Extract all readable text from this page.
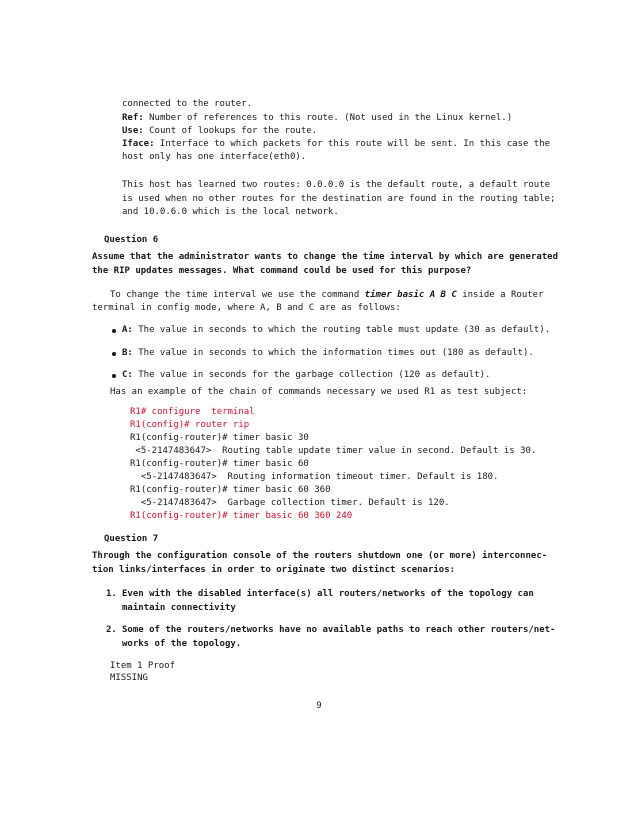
connected to the router.
Ref: Number of references to this route. (Not used in the Linux kernel.)
Use: Count of lookups for the route.
Iface: Interface to which packets for this route will be sent. In this case the
host only has one interface(eth0).
This host has learned two routes: 0.0.0.0 is the default route, a default route
is used when no other routes for the destination are found in the routing table;
and 10.0.6.0 which is the local network.
Question 6
Assume that the administrator wants to change the time interval by which are generated
the RIP updates messages. What command could be used for this purpose?
To change the time interval we use the command timer basic A B C inside a Router
terminal in config mode, where A, B and C are as follows:
A: The value in seconds to which the routing table must update (30 as default).
B: The value in seconds to which the information times out (180 as default).
C: The value in seconds for the garbage collection (120 as default).
Has an example of the chain of commands necessary we used R1 as test subject:
R1# configure  terminal
R1(config)# router rip
R1(config-router)# timer basic 30
<5-2147483647>  Routing table update timer value in second. Default is 30.
R1(config-router)# timer basic 60
<5-2147483647>  Routing information timeout timer. Default is 180.
R1(config-router)# timer basic 60 360
<5-2147483647>  Garbage collection timer. Default is 120.
R1(config-router)# timer basic 60 360 240
Question 7
Through the configuration console of the routers shutdown one (or more) interconnec-
tion links/interfaces in order to originate two distinct scenarios:
1. Even with the disabled interface(s) all routers/networks of the topology can
maintain connectivity
2. Some of the routers/networks have no available paths to reach other routers/net-
works of the topology.
Item 1 Proof
MISSING
9
